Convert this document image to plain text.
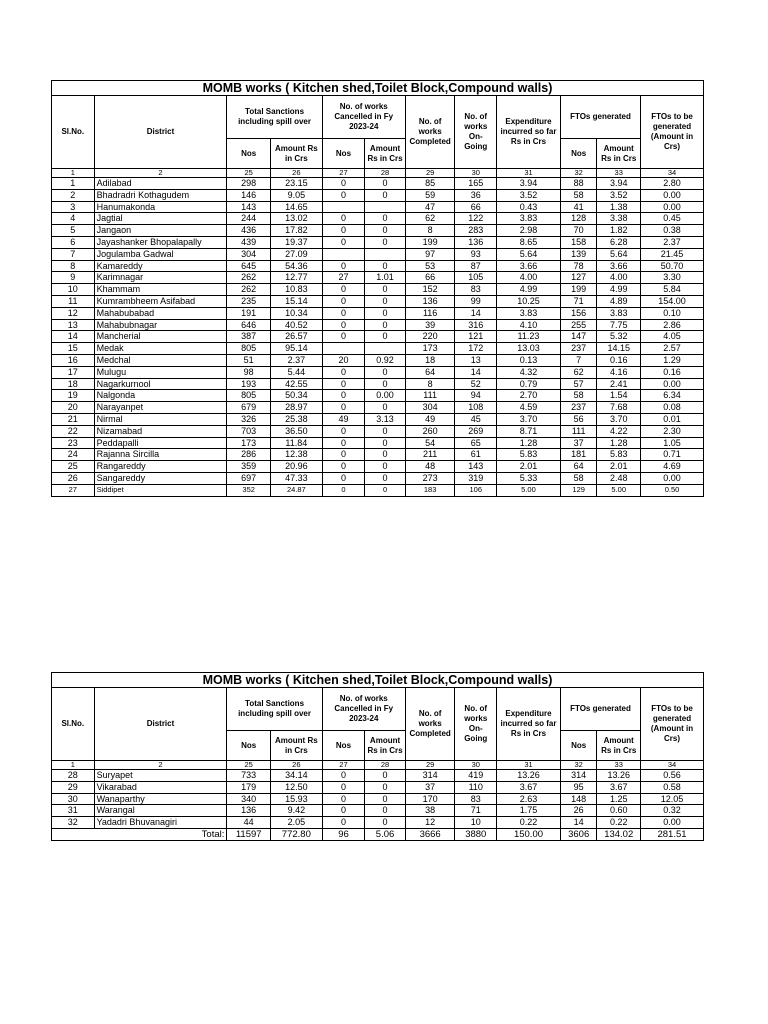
MOMB works ( Kitchen shed,Toilet Block,Compound walls)											
Sl.No.	District	Total Sanctions including spill over		No. of works Cancelled in Fy 2023-24		No. of works Completed	No. of works On-Going	Expenditure incurred so far Rs in Crs	FTOs generated		FTOs to be generated (Amount in Crs)
		Nos	Amount Rs in Crs	Nos	Amount Rs in Crs				Nos	Amount Rs in Crs	
1	2	25	26	27	28	29	30	31	32	33	34
1	Adilabad	298	23.15	0	0	85	165	3.94	88	3.94	2.80
2	Bhadradri Kothagudem	146	9.05	0	0	59	36	3.52	58	3.52	0.00
3	Hanumakonda	143	14.65			47	66	0.43	41	1.38	0.00
4	Jagtial	244	13.02	0	0	62	122	3.83	128	3.38	0.45
5	Jangaon	436	17.82	0	0	8	283	2.98	70	1.82	0.38
6	Jayashanker Bhopalapally	439	19.37	0	0	199	136	8.65	158	6.28	2.37
7	Jogulamba Gadwal	304	27.09			97	93	5.64	139	5.64	21.45
8	Kamareddy	645	54.36	0	0	53	87	3.66	78	3.66	50.70
9	Karimnagar	262	12.77	27	1.01	66	105	4.00	127	4.00	3.30
10	Khammam	262	10.83	0	0	152	83	4.99	199	4.99	5.84
11	Kumrambheem Asifabad	235	15.14	0	0	136	99	10.25	71	4.89	154.00
12	Mahabubabad	191	10.34	0	0	116	14	3.83	156	3.83	0.10
13	Mahabubnagar	646	40.52	0	0	39	316	4.10	255	7.75	2.86
14	Mancherial	387	26.57	0	0	220	121	11.23	147	5.32	4.05
15	Medak	805	95.14			173	172	13.03	237	14.15	2.57
16	Medchal	51	2.37	20	0.92	18	13	0.13	7	0.16	1.29
17	Mulugu	98	5.44	0	0	64	14	4.32	62	4.16	0.16
18	Nagarkurnool	193	42.55	0	0	8	52	0.79	57	2.41	0.00
19	Nalgonda	805	50.34	0	0.00	111	94	2.70	58	1.54	6.34
20	Narayanpet	679	28.97	0	0	304	108	4.59	237	7.68	0.08
21	Nirmal	326	25.38	49	3.13	49	45	3.70	56	3.70	0.01
22	Nizamabad	703	36.50	0	0	260	269	8.71	111	4.22	2.30
23	Peddapalli	173	11.84	0	0	54	65	1.28	37	1.28	1.05
24	Rajanna Sircilla	286	12.38	0	0	211	61	5.83	181	5.83	0.71
25	Rangareddy	359	20.96	0	0	48	143	2.01	64	2.01	4.69
26	Sangareddy	697	47.33	0	0	273	319	5.33	58	2.48	0.00
27	Siddipet	352	24.87	0	0	183	106	5.00	129	5.00	0.50
MOMB works ( Kitchen shed,Toilet Block,Compound walls)											
Sl.No.	District	Total Sanctions including spill over		No. of works Cancelled in Fy 2023-24		No. of works Completed	No. of works On-Going	Expenditure incurred so far Rs in Crs	FTOs generated		FTOs to be generated (Amount in Crs)
		Nos	Amount Rs in Crs	Nos	Amount Rs in Crs				Nos	Amount Rs in Crs	
1	2	25	26	27	28	29	30	31	32	33	34
28	Suryapet	733	34.14	0	0	314	419	13.26	314	13.26	0.56
29	Vikarabad	179	12.50	0	0	37	110	3.67	95	3.67	0.58
30	Wanaparthy	340	15.93	0	0	170	83	2.63	148	1.25	12.05
31	Warangal	136	9.42	0	0	38	71	1.75	26	0.60	0.32
32	Yadadri Bhuvanagiri	44	2.05	0	0	12	10	0.22	14	0.22	0.00
Total:		11597	772.80	96	5.06	3666	3880	150.00	3606	134.02	281.51
